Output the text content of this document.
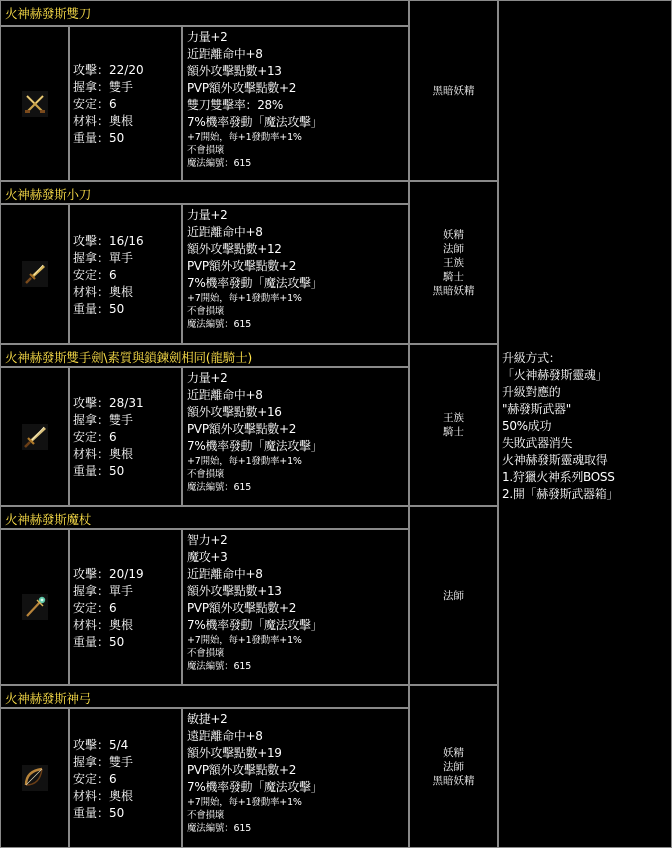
火神赫發斯雙刀
攻擊：22/20
握拿：雙手
安定：6
材料：奧根
重量：50
力量+2
近距離命中+8
額外攻擊點數+13
PVP額外攻擊點數+2
雙刀雙擊率：28%
7%機率發動「魔法攻擊」
+7開始，每+1發動率+1%
不會損壞
魔法編號：615
黑暗妖精
火神赫發斯小刀
攻擊：16/16
握拿：單手
安定：6
材料：奧根
重量：50
力量+2
近距離命中+8
額外攻擊點數+12
PVP額外攻擊點數+2
7%機率發動「魔法攻擊」
+7開始，每+1發動率+1%
不會損壞
魔法編號：615
妖精
法師
王族
騎士
黑暗妖精
火神赫發斯雙手劍\素質與鎖鍊劍相同(龍騎士)
攻擊：28/31
握拿：雙手
安定：6
材料：奧根
重量：50
力量+2
近距離命中+8
額外攻擊點數+16
PVP額外攻擊點數+2
7%機率發動「魔法攻擊」
+7開始，每+1發動率+1%
不會損壞
魔法編號：615
王族
騎士
火神赫發斯魔杖
攻擊：20/19
握拿：單手
安定：6
材料：奧根
重量：50
智力+2
魔攻+3
近距離命中+8
額外攻擊點數+13
PVP額外攻擊點數+2
7%機率發動「魔法攻擊」
+7開始，每+1發動率+1%
不會損壞
魔法編號：615
法師
火神赫發斯神弓
攻擊：5/4
握拿：雙手
安定：6
材料：奧根
重量：50
敏捷+2
遠距離命中+8
額外攻擊點數+19
PVP額外攻擊點數+2
7%機率發動「魔法攻擊」
+7開始，每+1發動率+1%
不會損壞
魔法編號：615
妖精
法師
黑暗妖精
升級方式：
「火神赫發斯靈魂」
升級對應的
"赫發斯武器"
50%成功
失敗武器消失
火神赫發斯靈魂取得
1.狩獵火神系列BOSS
2.開「赫發斯武器箱」
